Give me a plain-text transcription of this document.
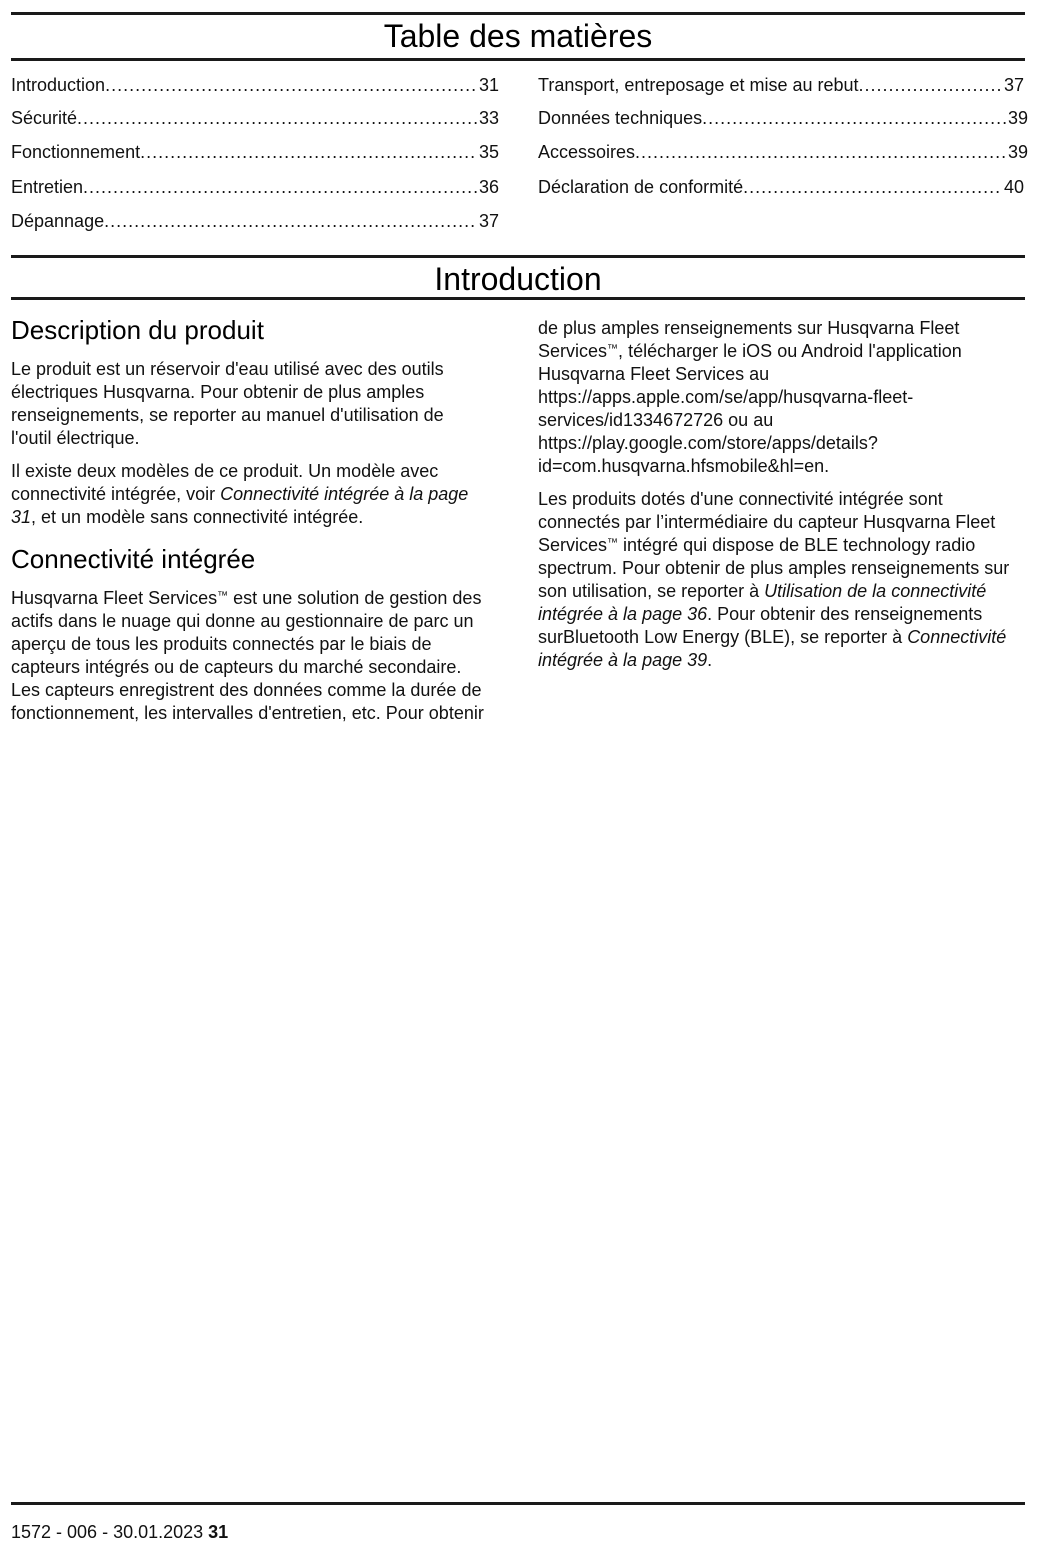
Table des matières
Introduction .....	31
Sécurité .....	33
Fonctionnement .....	35
Entretien .....	36
Dépannage .....	37
Transport, entreposage et mise au rebut .....	37
Données techniques .....	39
Accessoires .....	39
Déclaration de conformité .....	40
Introduction
Description du produit

Le produit est un réservoir d'eau utilisé avec des outils électriques Husqvarna. Pour obtenir de plus amples renseignements, se reporter au manuel d'utilisation de l'outil électrique.

Il existe deux modèles de ce produit. Un modèle avec connectivité intégrée, voir Connectivité intégrée à la page 31, et un modèle sans connectivité intégrée.

Connectivité intégrée

Husqvarna Fleet Services™ est une solution de gestion des actifs dans le nuage qui donne au gestionnaire de parc un aperçu de tous les produits connectés par le biais de capteurs intégrés ou de capteurs du marché secondaire. Les capteurs enregistrent des données comme la durée de fonctionnement, les intervalles d'entretien, etc. Pour obtenir

de plus amples renseignements sur Husqvarna Fleet Services™, télécharger le iOS ou Android l'application Husqvarna Fleet Services au https://apps.apple.com/se/app/husqvarna-fleet-services/id1334672726 ou au https://play.google.com/store/apps/details?id=com.husqvarna.hfsmobile&hl=en.

Les produits dotés d'une connectivité intégrée sont connectés par l’intermédiaire du capteur Husqvarna Fleet Services™ intégré qui dispose de BLE technology radio spectrum. Pour obtenir de plus amples renseignements sur son utilisation, se reporter à Utilisation de la connectivité intégrée à la page 36. Pour obtenir des renseignements surBluetooth Low Energy (BLE), se reporter à Connectivité intégrée à la page 39.

1572 - 006 - 30.01.2023 31
